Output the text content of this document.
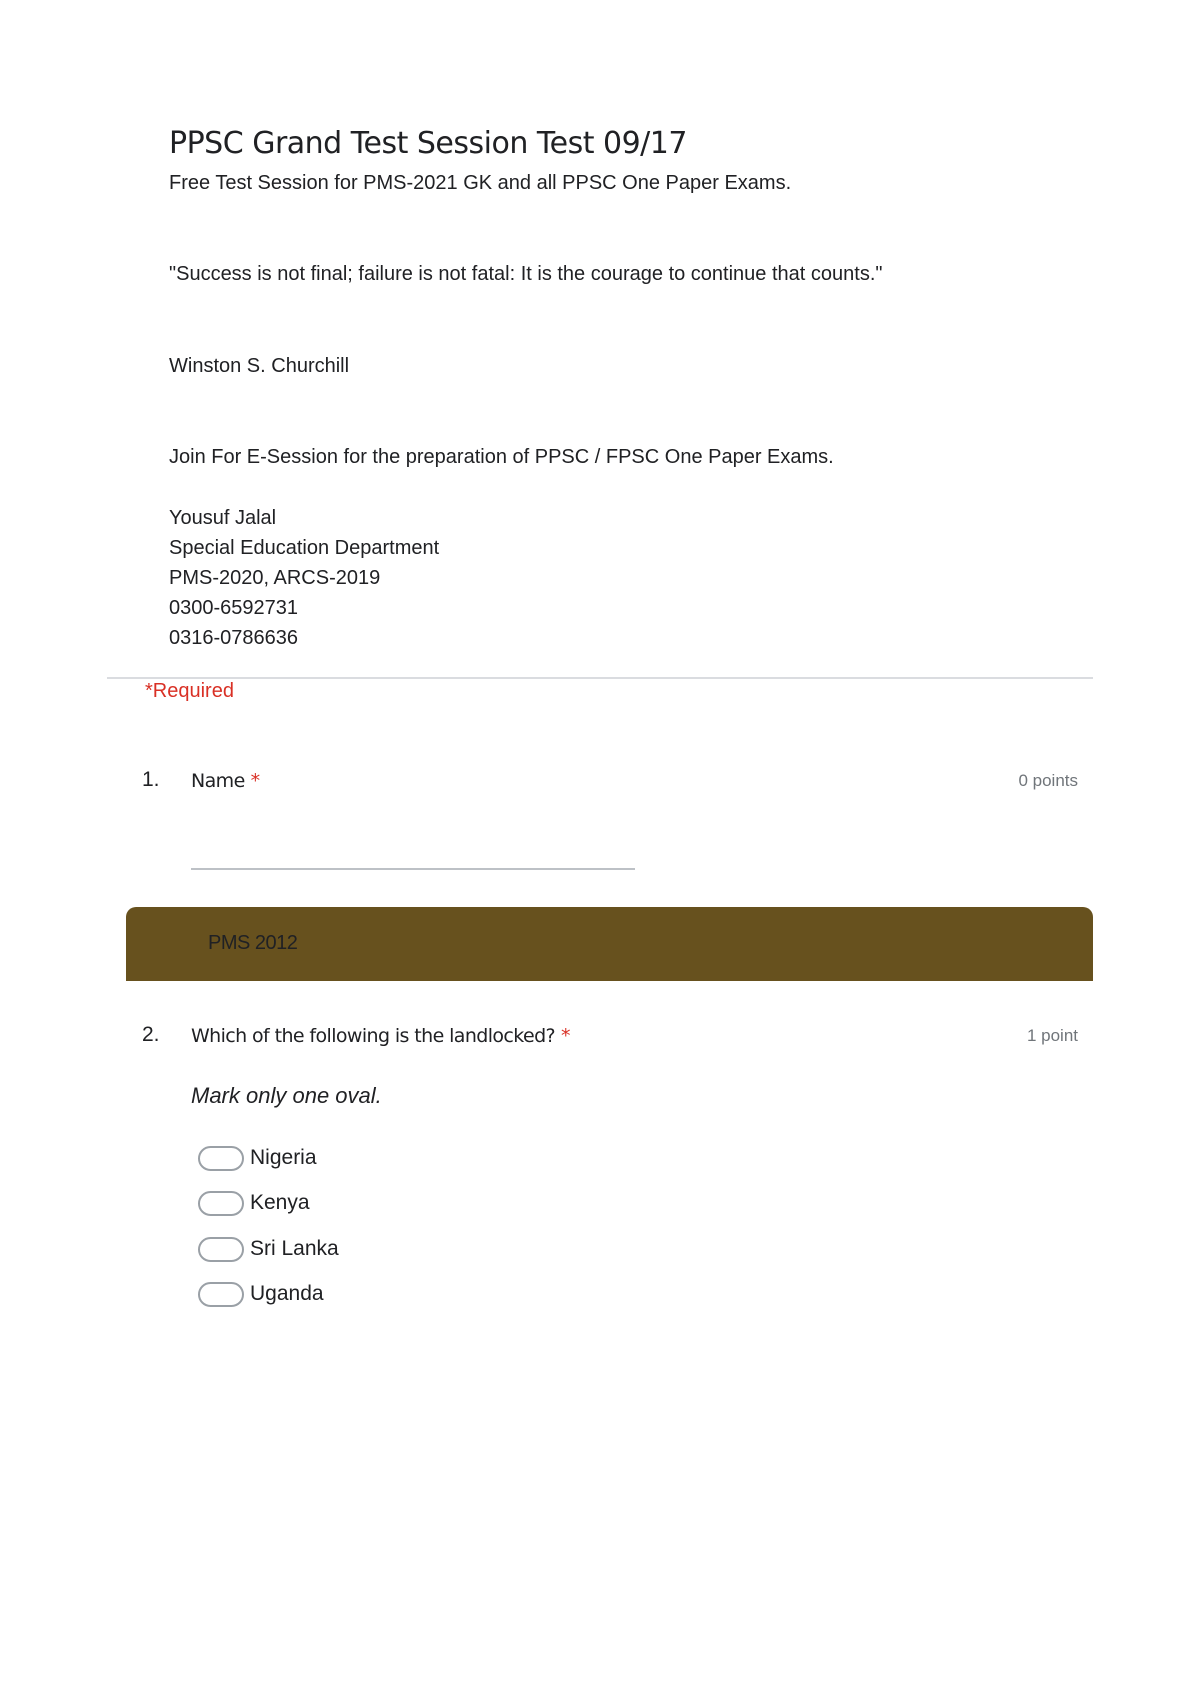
PPSC Grand Test Session Test 09/17
Free Test Session for PMS-2021 GK and all PPSC One Paper Exams.
"Success is not final; failure is not fatal: It is the courage to continue that counts."
Winston S. Churchill
Join For E-Session for the preparation of PPSC / FPSC One Paper Exams.
Yousuf Jalal
Special Education Department
PMS-2020, ARCS-2019
0300-6592731
0316-0786636
*Required
1. Name *	0 points
PMS 2012
2. Which of the following is the landlocked? *	1 point
Mark only one oval.
Nigeria
Kenya
Sri Lanka
Uganda
